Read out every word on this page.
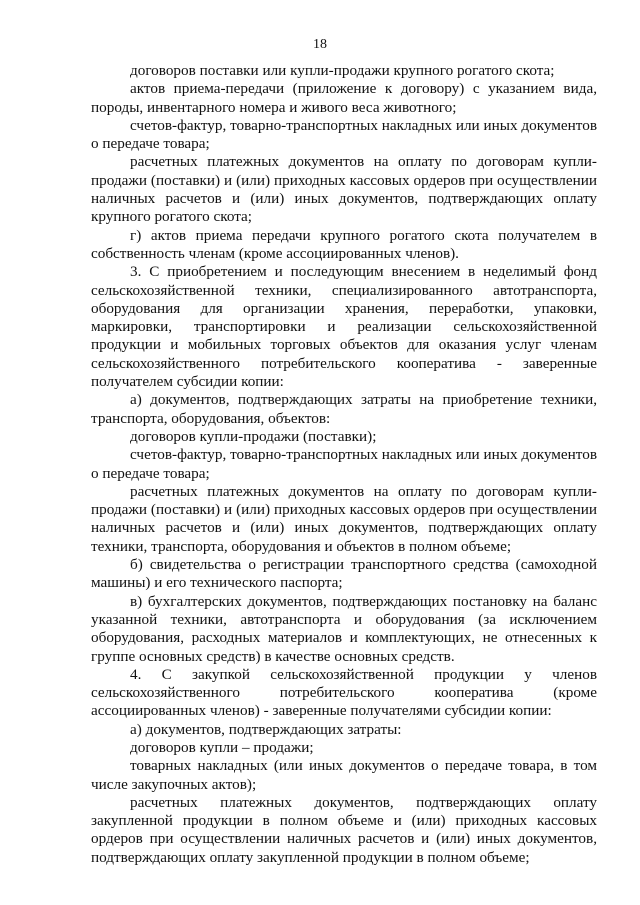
18

договоров поставки или купли-продажи крупного рогатого скота;

актов приема-передачи (приложение к договору) с указанием вида, породы, инвентарного номера и живого веса животного;

счетов-фактур, товарно-транспортных накладных или иных документов о передаче товара;

расчетных платежных документов на оплату по договорам купли-продажи (поставки) и (или) приходных кассовых ордеров при осуществлении наличных расчетов и (или) иных документов, подтверждающих оплату крупного рогатого скота;

г) актов приема передачи крупного рогатого скота получателем в собственность членам (кроме ассоциированных членов).

3. С приобретением и последующим внесением в неделимый фонд сельскохозяйственной техники, специализированного автотранспорта, оборудования для организации хранения, переработки, упаковки, маркировки, транспортировки и реализации сельскохозяйственной продукции и мобильных торговых объектов для оказания услуг членам сельскохозяйственного потребительского кооператива - заверенные получателем субсидии копии:

а) документов, подтверждающих затраты на приобретение техники, транспорта, оборудования, объектов:

договоров купли-продажи (поставки);

счетов-фактур, товарно-транспортных накладных или иных документов о передаче товара;

расчетных платежных документов на оплату по договорам купли-продажи (поставки) и (или) приходных кассовых ордеров при осуществлении наличных расчетов и (или) иных документов, подтверждающих оплату техники, транспорта, оборудования и объектов в полном объеме;

б) свидетельства о регистрации транспортного средства (самоходной машины) и его технического паспорта;

в) бухгалтерских документов, подтверждающих постановку на баланс указанной техники, автотранспорта и оборудования (за исключением оборудования, расходных материалов и комплектующих, не отнесенных к группе основных средств) в качестве основных средств.

4. С закупкой сельскохозяйственной продукции у членов сельскохозяйственного потребительского кооператива (кроме ассоциированных членов) - заверенные получателями субсидии копии:

а) документов, подтверждающих затраты:

договоров купли – продажи;

товарных накладных (или иных документов о передаче товара, в том числе закупочных актов);

расчетных платежных документов, подтверждающих оплату закупленной продукции в полном объеме и (или) приходных кассовых ордеров при осуществлении наличных расчетов и (или) иных документов, подтверждающих оплату закупленной продукции в полном объеме;
